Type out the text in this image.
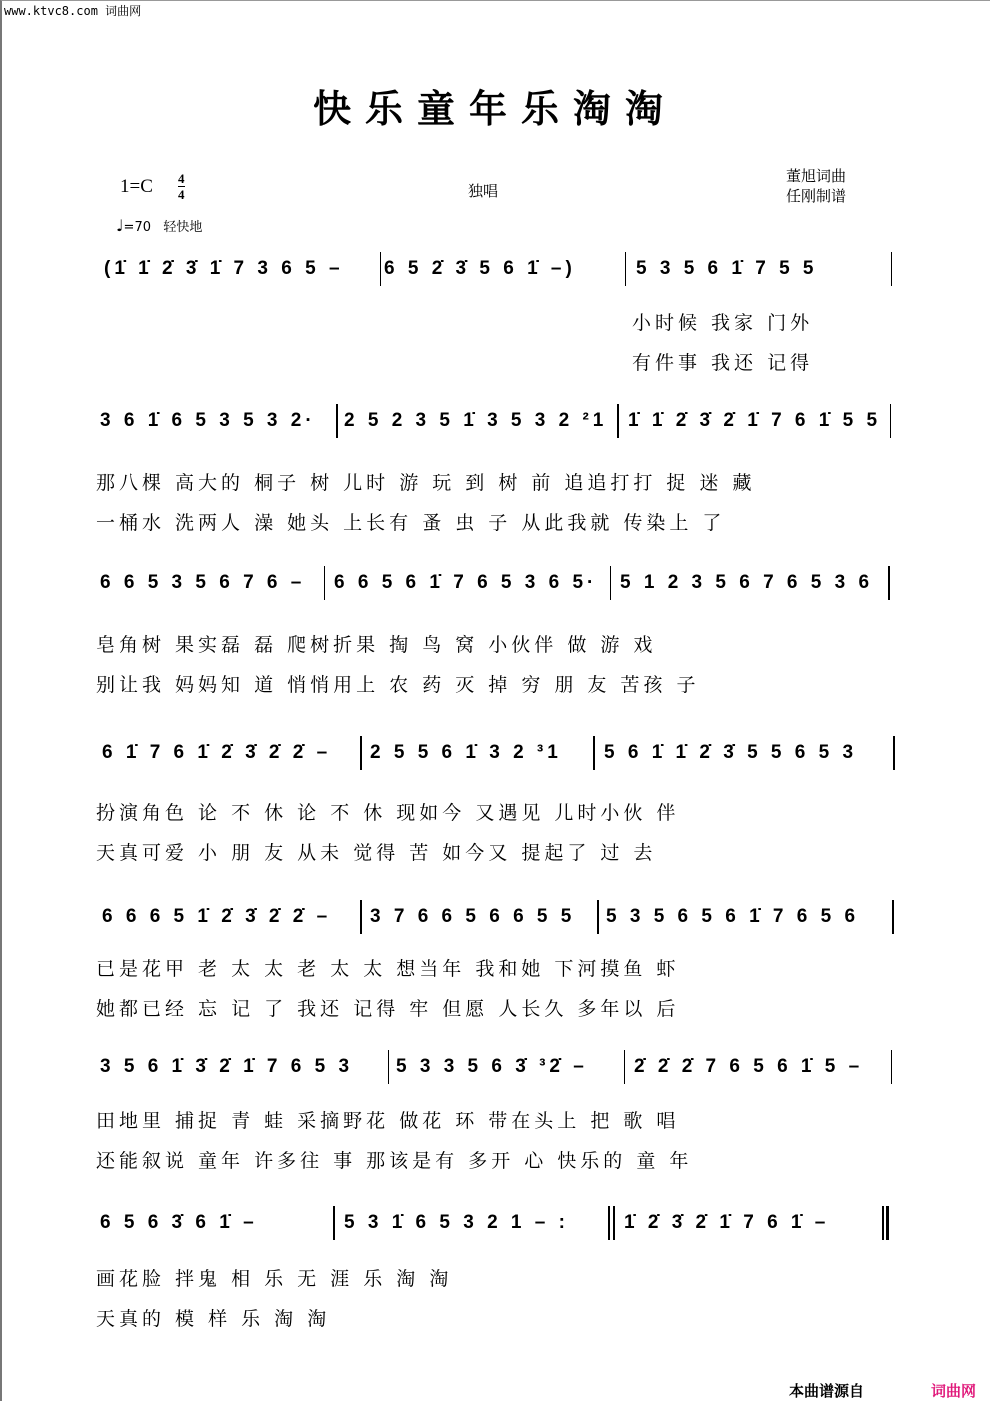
www.ktvc8.com 词曲网
快乐童年乐淘淘
1=C 4
4	独唱
董旭词曲
任刚制谱
♩=70 轻快地
(1̇ 1̇ 2̇ 3̇ 1̇ 7 3 6 5 – 6 5 2̇ 3̇ 5 6 1̇ –)	5 3 5 6 1̇ 7 5 5
小时候 我家 门外
有件事 我还 记得
3 6 1̇ 6 5 3 5 3 2· 2 5 2 3 5 1̇ 3 5 3 2 ²1 1̇ 1̇ 2̇ 3̇ 2̇ 1̇ 7 6 1̇ 5 5
那八棵 高大的 桐子 树 儿时 游 玩 到 树 前 追追打打 捉 迷 藏
一桶水 洗两人 澡 她头 上长有 蚤 虫 子 从此我就 传染上 了
6 6 5 3 5 6 7 6 – 6 6 5 6 1̇ 7 6 5 3 6 5· 5 1 2 3 5 6 7 6 5 3 6
皂角树 果实磊 磊 爬树折果 掏 鸟 窝 小伙伴 做 游 戏
别让我 妈妈知 道 悄悄用上 农 药 灭 掉 穷 朋 友 苦孩 子
6 1̇ 7 6 1̇ 2̇ 3̇ 2̇ 2̇ – 2 5 5 6 1̇ 3 2 ³1 5 6 1̇ 1̇ 2̇ 3̇ 5 5 6 5 3
扮演角色 论 不 休 论 不 休 现如今 又遇见 儿时小伙 伴
天真可爱 小 朋 友 从未 觉得 苦 如今又 提起了 过 去
6 6 6 5 1̇ 2̇ 3̇ 2̇ 2̇ – 3 7 6 6 5 6 6 5 5 5 3 5 6 5 6 1̇ 7 6 5 6
已是花甲 老 太 太 老 太 太 想当年 我和她 下河摸鱼 虾
她都已经 忘 记 了 我还 记得 牢 但愿 人长久 多年以 后
3 5 6 1̇ 3̇ 2̇ 1̇ 7 6 5 3 5 3 3 5 6 3̇ ³2̇ – 2̇ 2̇ 2̇ 7 6 5 6 1̇ 5 –
田地里 捕捉 青 蛙 采摘野花 做花 环 带在头上 把 歌 唱
还能叙说 童年 许多往 事 那该是有 多开 心 快乐的 童 年
6 5 6 3̇ 6 1̇ –	5 3 1̇ 6 5 3 2 1 – :	1̇ 2̇ 3̇ 2̇ 1̇ 7 6 1̇ –
画花脸 拌鬼 相 乐 无 涯 乐 淘 淘
天真的 模 样 乐 淘 淘
本曲谱源自	词曲网
